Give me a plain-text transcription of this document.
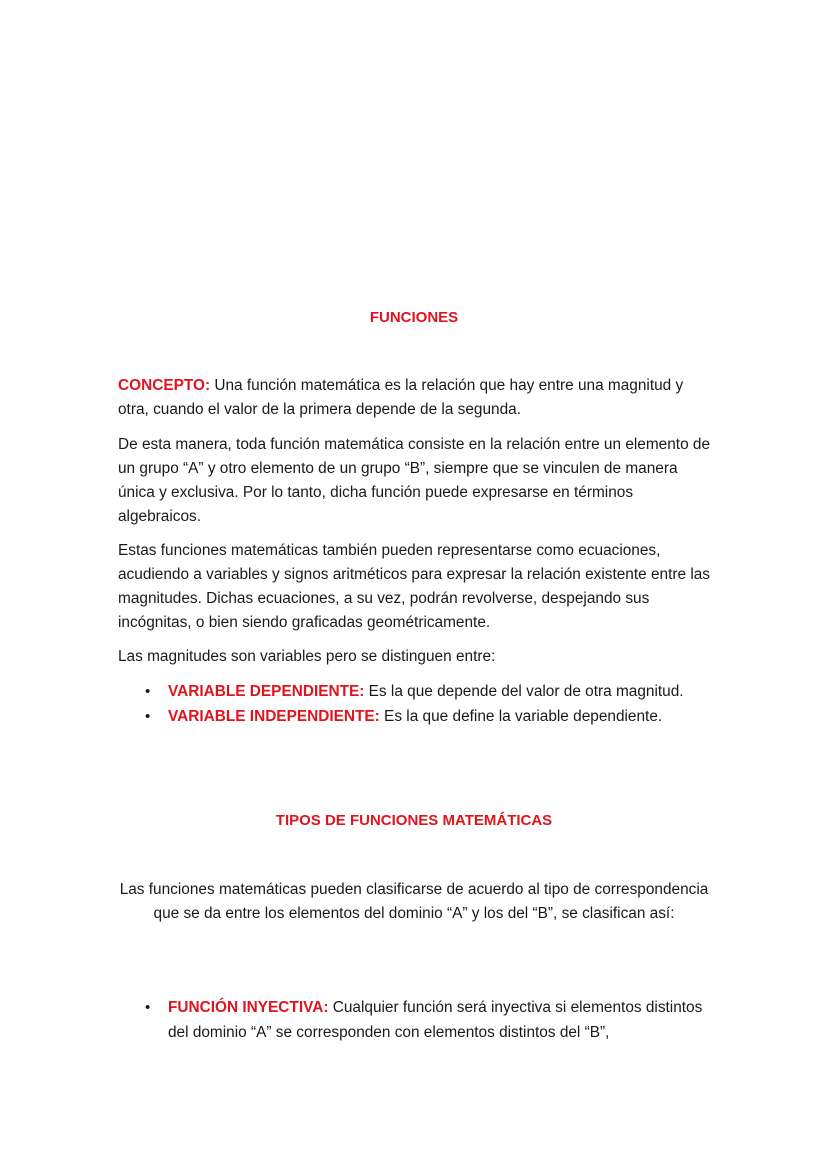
FUNCIONES

CONCEPTO: Una función matemática es la relación que hay entre una magnitud y otra, cuando el valor de la primera depende de la segunda.

De esta manera, toda función matemática consiste en la relación entre un elemento de un grupo “A” y otro elemento de un grupo “B”, siempre que se vinculen de manera única y exclusiva. Por lo tanto, dicha función puede expresarse en términos algebraicos.

Estas funciones matemáticas también pueden representarse como ecuaciones, acudiendo a variables y signos aritméticos para expresar la relación existente entre las magnitudes. Dichas ecuaciones, a su vez, podrán revolverse, despejando sus incógnitas, o bien siendo graficadas geométricamente.

Las magnitudes son variables pero se distinguen entre:

• VARIABLE DEPENDIENTE: Es la que depende del valor de otra magnitud.
• VARIABLE INDEPENDIENTE: Es la que define la variable dependiente.
TIPOS DE FUNCIONES MATEMÁTICAS

Las funciones matemáticas pueden clasificarse de acuerdo al tipo de correspondencia que se da entre los elementos del dominio “A” y los del “B”, se clasifican así:

• FUNCIÓN INYECTIVA: Cualquier función será inyectiva si elementos distintos del dominio “A” se corresponden con elementos distintos del “B”,
